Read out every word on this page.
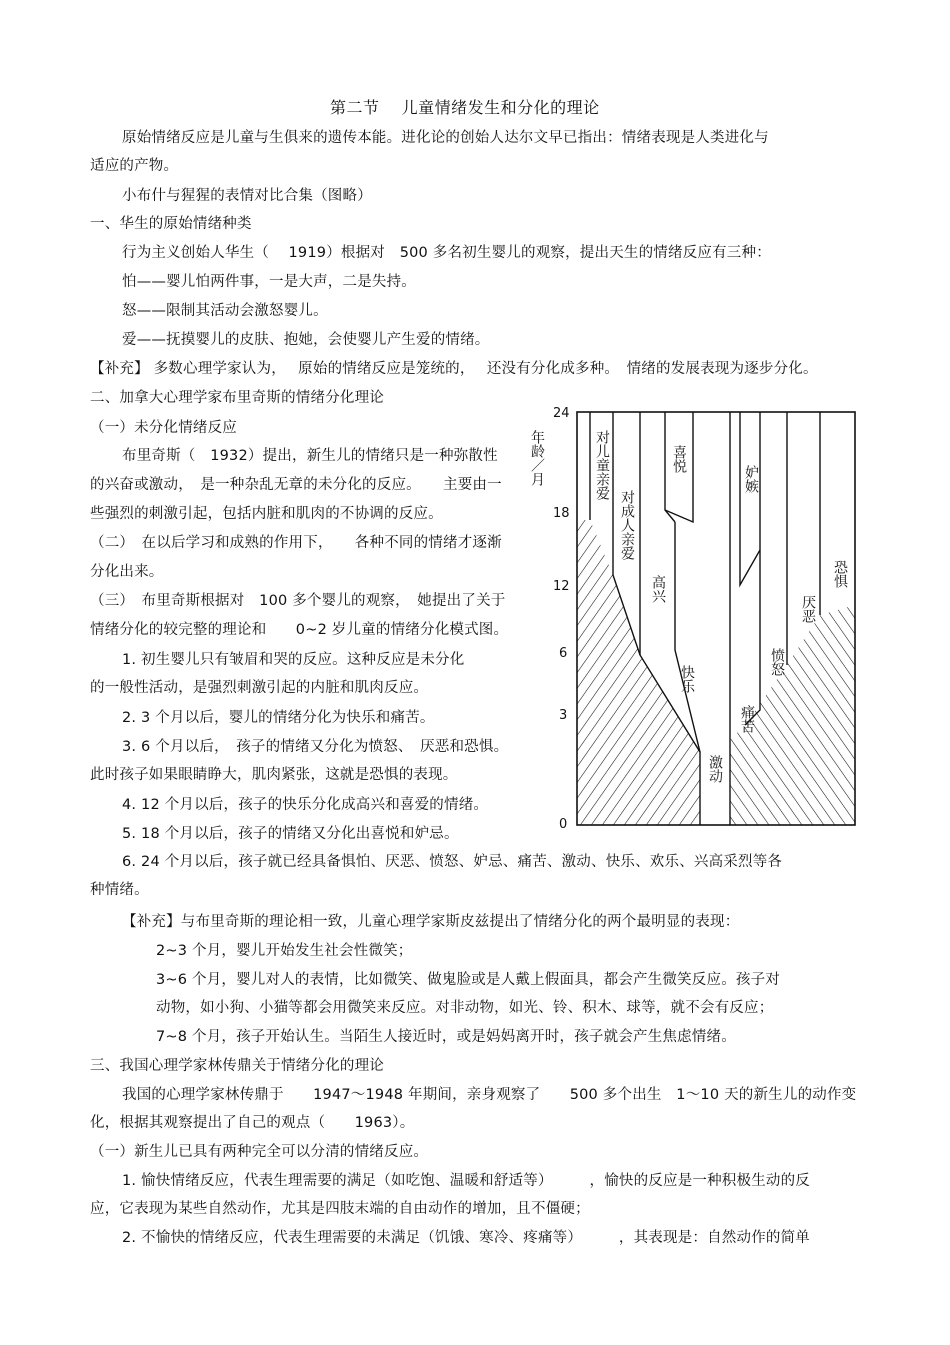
第二节　 儿童情绪发生和分化的理论
原始情绪反应是儿童与生俱来的遗传本能。进化论的创始人达尔文早已指出：情绪表现是人类进化与
适应的产物。
小布什与猩猩的表情对比合集（图略）
一、华生的原始情绪种类
行为主义创始人华生（　 1919）根据对　500 多名初生婴儿的观察，提出天生的情绪反应有三种：
怕——婴儿怕两件事，一是大声，二是失持。
怒——限制其活动会激怒婴儿。
爱——抚摸婴儿的皮肤、抱她，会使婴儿产生爱的情绪。
【补充】 多数心理学家认为，　 原始的情绪反应是笼统的，　 还没有分化成多种。　情绪的发展表现为逐步分化。
二、加拿大心理学家布里奇斯的情绪分化理论
（一）未分化情绪反应
布里奇斯（　1932）提出，新生儿的情绪只是一种弥散性
的兴奋或激动，　是一种杂乱无章的未分化的反应。　　主要由一
些强烈的刺激引起，包括内脏和肌肉的不协调的反应。
（二）　在以后学习和成熟的作用下，　　各种不同的情绪才逐渐
分化出来。
（三）　布里奇斯根据对　100 多个婴儿的观察，　她提出了关于
情绪分化的较完整的理论和　　0~2 岁儿童的情绪分化模式图。
1. 初生婴儿只有皱眉和哭的反应。这种反应是未分化
的一般性活动，是强烈刺激引起的内脏和肌肉反应。
2. 3 个月以后，婴儿的情绪分化为快乐和痛苦。
3. 6 个月以后，　孩子的情绪又分化为愤怒、　厌恶和恐惧。
此时孩子如果眼睛睁大，肌肉紧张，这就是恐惧的表现。
4. 12 个月以后，孩子的快乐分化成高兴和喜爱的情绪。
5. 18 个月以后，孩子的情绪又分化出喜悦和妒忌。
6. 24 个月以后，孩子就已经具备惧怕、厌恶、愤怒、妒忌、痛苦、激动、快乐、欢乐、兴高采烈等各
种情绪。
【补充】与布里奇斯的理论相一致，儿童心理学家斯皮兹提出了情绪分化的两个最明显的表现：
2~3 个月，婴儿开始发生社会性微笑；
3~6 个月，婴儿对人的表情，比如微笑、做鬼脸或是人戴上假面具，都会产生微笑反应。孩子对
动物，如小狗、小猫等都会用微笑来反应。对非动物，如光、铃、积木、球等，就不会有反应；
7~8 个月，孩子开始认生。当陌生人接近时，或是妈妈离开时，孩子就会产生焦虑情绪。
三、我国心理学家林传鼎关于情绪分化的理论
我国的心理学家林传鼎于　　1947～1948 年期间，亲身观察了　　500 多个出生　1～10 天的新生儿的动作变
化，根据其观察提出了自己的观点（　　1963）。
（一）新生儿已具有两种完全可以分清的情绪反应。
1. 愉快情绪反应，代表生理需要的满足（如吃饱、温暖和舒适等）　　　，愉快的反应是一种积极生动的反
应，它表现为某些自然动作，尤其是四肢末端的自由动作的增加，且不僵硬；
2. 不愉快的情绪反应，代表生理需要的未满足（饥饿、寒冷、疼痛等）　　　，其表现是：自然动作的简单
24
18
12
6
3
0
年龄／月	对儿童亲爱
对成人亲爱
喜悦
高兴
快乐
激动
妒嫉
痛苦
愤怒
厌恶
恐惧
